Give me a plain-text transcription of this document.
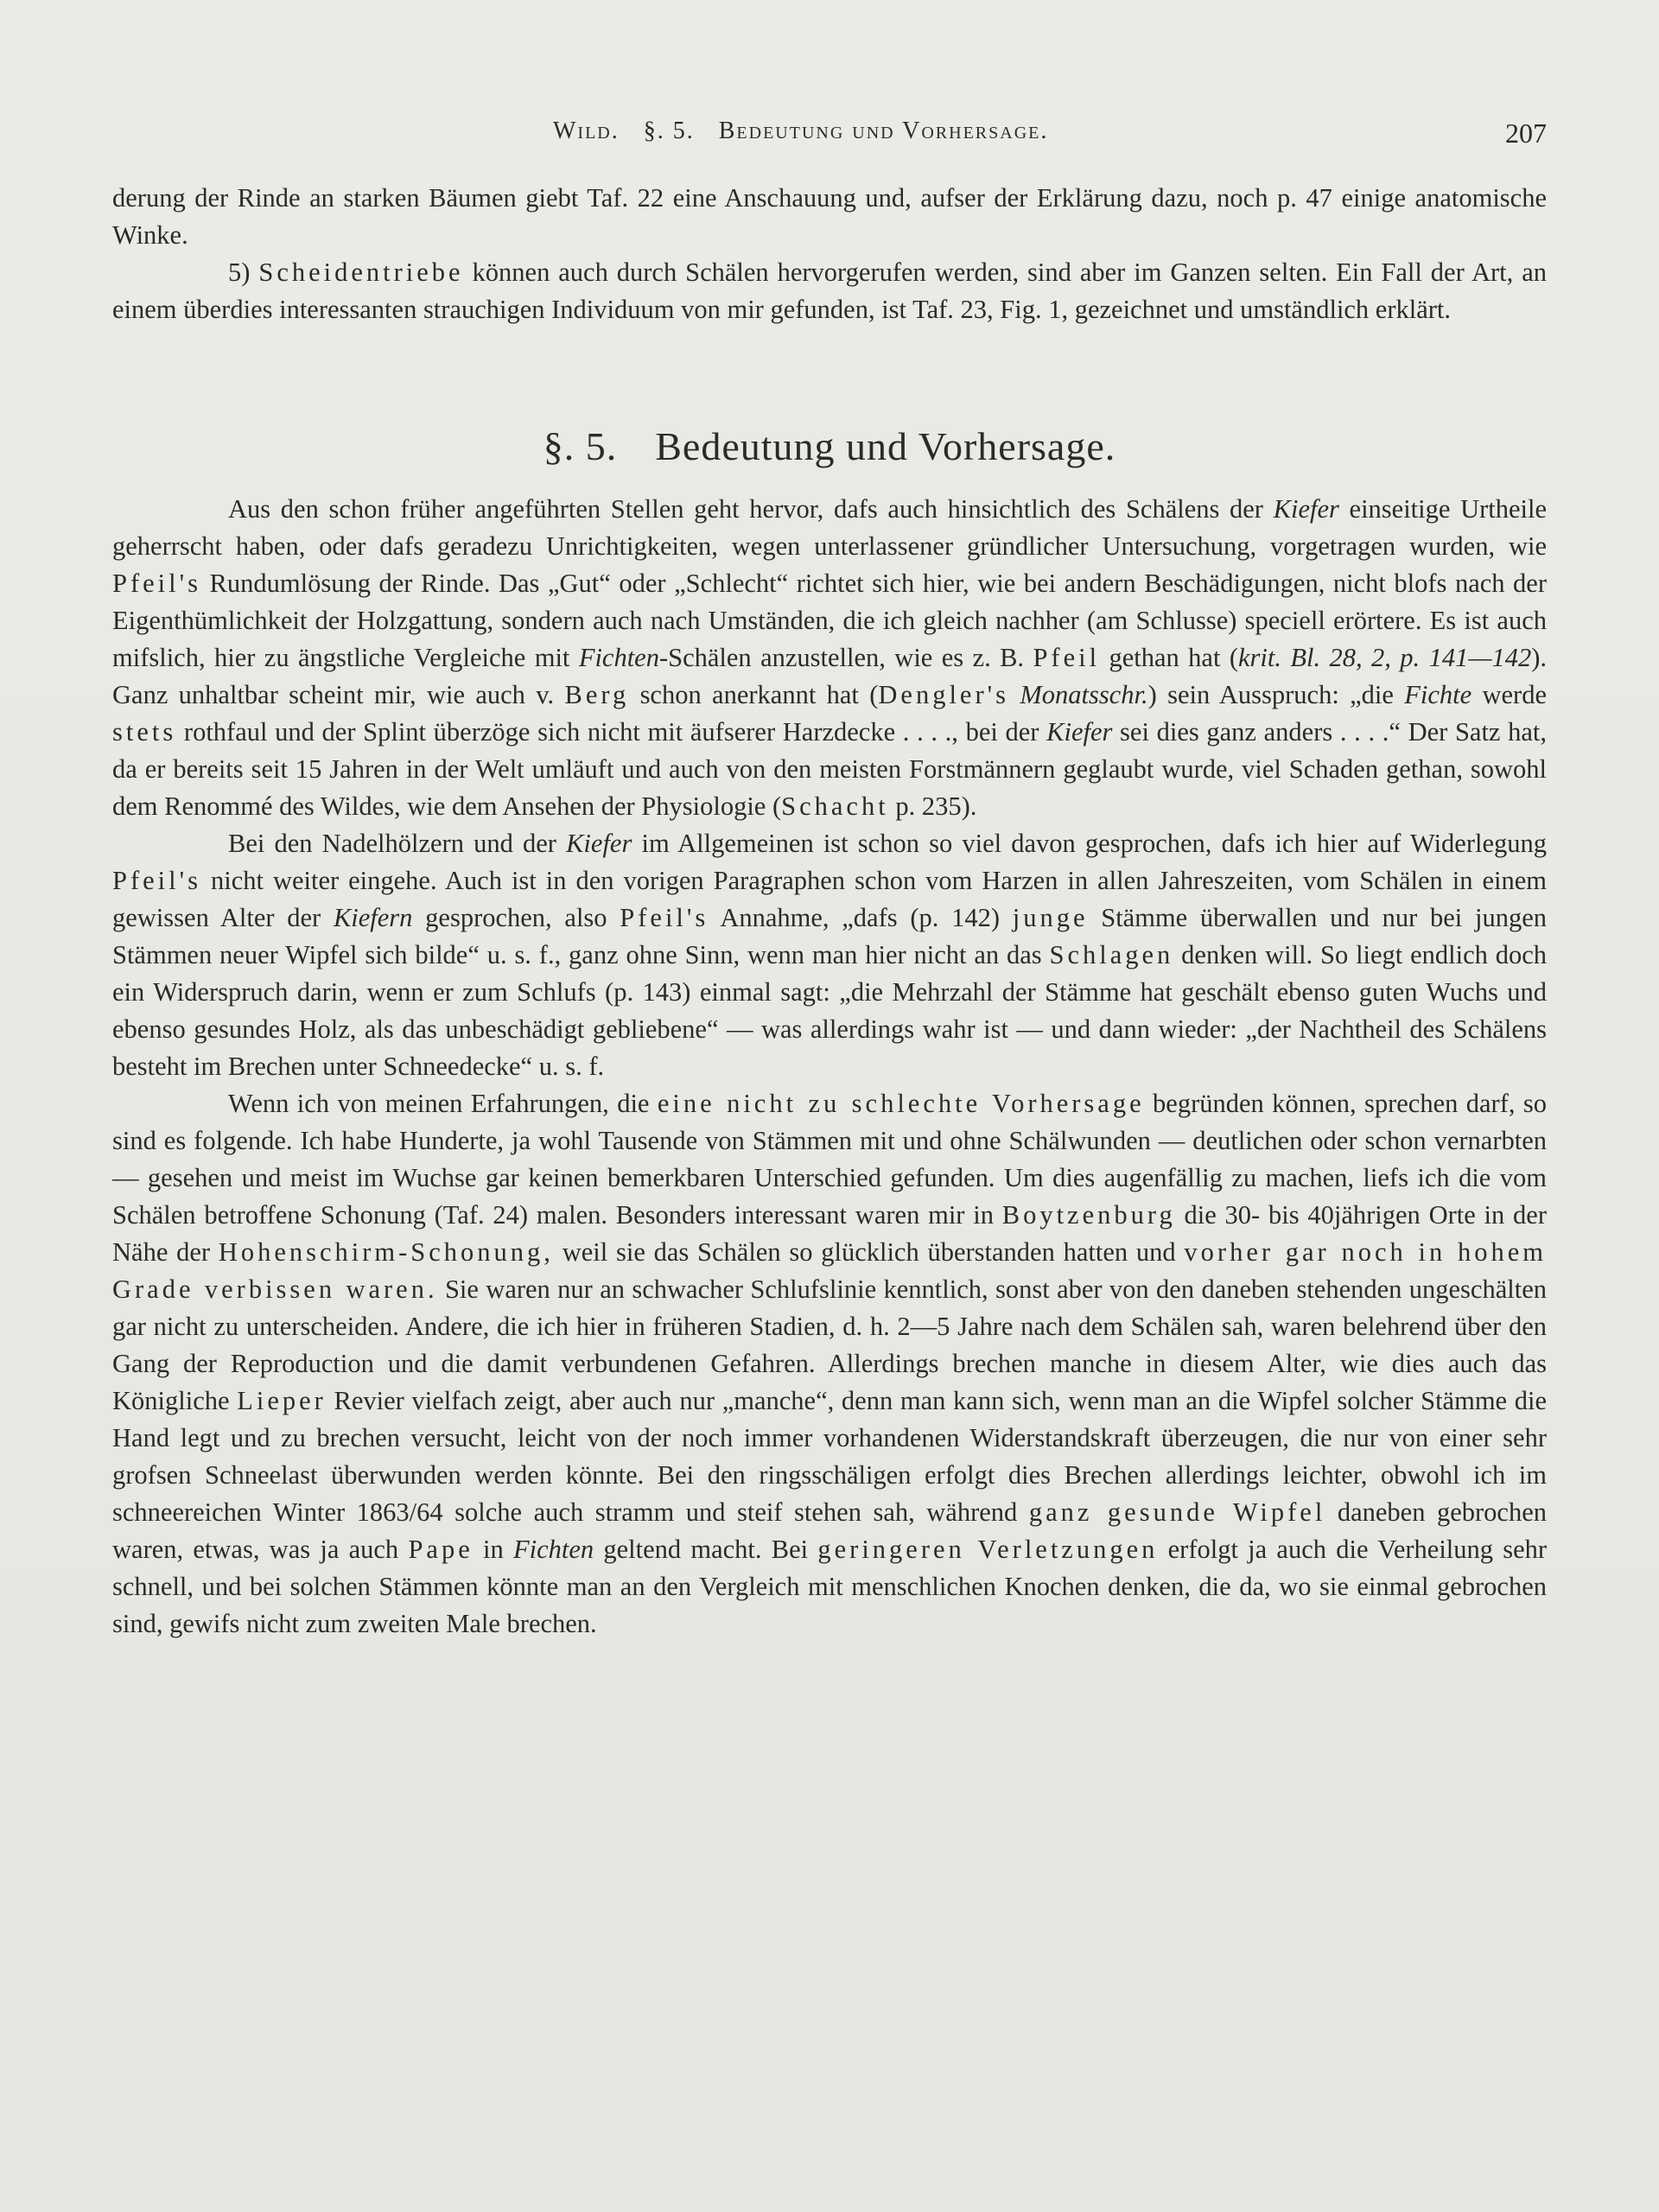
Wild. §. 5. Bedeutung und Vorhersage.	207

derung der Rinde an starken Bäumen giebt Taf. 22 eine Anschauung und, aufser der Erklärung dazu, noch p. 47 einige anatomische Winke.

5) Scheidentriebe können auch durch Schälen hervorgerufen werden, sind aber im Ganzen selten. Ein Fall der Art, an einem überdies interessanten strauchigen Individuum von mir gefunden, ist Taf. 23, Fig. 1, gezeichnet und umständlich erklärt.

§. 5. Bedeutung und Vorhersage.

Aus den schon früher angeführten Stellen geht hervor, dafs auch hinsichtlich des Schälens der Kiefer einseitige Urtheile geherrscht haben, oder dafs geradezu Unrichtigkeiten, wegen unterlassener gründlicher Untersuchung, vorgetragen wurden, wie Pfeil's Rundumlösung der Rinde. Das „Gut“ oder „Schlecht“ richtet sich hier, wie bei andern Beschädigungen, nicht blofs nach der Eigenthümlichkeit der Holzgattung, sondern auch nach Umständen, die ich gleich nachher (am Schlusse) speciell erörtere. Es ist auch mifslich, hier zu ängstliche Vergleiche mit Fichten-Schälen anzustellen, wie es z. B. Pfeil gethan hat (krit. Bl. 28, 2, p. 141—142). Ganz unhaltbar scheint mir, wie auch v. Berg schon anerkannt hat (Dengler's Monatsschr.) sein Ausspruch: „die Fichte werde stets rothfaul und der Splint überzöge sich nicht mit äufserer Harzdecke . . . ., bei der Kiefer sei dies ganz anders . . . .“ Der Satz hat, da er bereits seit 15 Jahren in der Welt umläuft und auch von den meisten Forstmännern geglaubt wurde, viel Schaden gethan, sowohl dem Renommé des Wildes, wie dem Ansehen der Physiologie (Schacht p. 235).

Bei den Nadelhölzern und der Kiefer im Allgemeinen ist schon so viel davon gesprochen, dafs ich hier auf Widerlegung Pfeil's nicht weiter eingehe. Auch ist in den vorigen Paragraphen schon vom Harzen in allen Jahreszeiten, vom Schälen in einem gewissen Alter der Kiefern gesprochen, also Pfeil's Annahme, „dafs (p. 142) junge Stämme überwallen und nur bei jungen Stämmen neuer Wipfel sich bilde“ u. s. f., ganz ohne Sinn, wenn man hier nicht an das Schlagen denken will. So liegt endlich doch ein Widerspruch darin, wenn er zum Schlufs (p. 143) einmal sagt: „die Mehrzahl der Stämme hat geschält ebenso guten Wuchs und ebenso gesundes Holz, als das unbeschädigt gebliebene“ — was allerdings wahr ist — und dann wieder: „der Nachtheil des Schälens besteht im Brechen unter Schneedecke“ u. s. f.

Wenn ich von meinen Erfahrungen, die eine nicht zu schlechte Vorhersage begründen können, sprechen darf, so sind es folgende. Ich habe Hunderte, ja wohl Tausende von Stämmen mit und ohne Schälwunden — deutlichen oder schon vernarbten — gesehen und meist im Wuchse gar keinen bemerkbaren Unterschied gefunden. Um dies augenfällig zu machen, liefs ich die vom Schälen betroffene Schonung (Taf. 24) malen. Besonders interessant waren mir in Boytzenburg die 30- bis 40jährigen Orte in der Nähe der Hohenschirm-Schonung, weil sie das Schälen so glücklich überstanden hatten und vorher gar noch in hohem Grade verbissen waren. Sie waren nur an schwacher Schlufslinie kenntlich, sonst aber von den daneben stehenden ungeschälten gar nicht zu unterscheiden. Andere, die ich hier in früheren Stadien, d. h. 2—5 Jahre nach dem Schälen sah, waren belehrend über den Gang der Reproduction und die damit verbundenen Gefahren. Allerdings brechen manche in diesem Alter, wie dies auch das Königliche Lieper Revier vielfach zeigt, aber auch nur „manche“, denn man kann sich, wenn man an die Wipfel solcher Stämme die Hand legt und zu brechen versucht, leicht von der noch immer vorhandenen Widerstandskraft überzeugen, die nur von einer sehr grofsen Schneelast überwunden werden könnte. Bei den ringsschäligen erfolgt dies Brechen allerdings leichter, obwohl ich im schneereichen Winter 1863/64 solche auch stramm und steif stehen sah, während ganz gesunde Wipfel daneben gebrochen waren, etwas, was ja auch Pape in Fichten geltend macht. Bei geringeren Verletzungen erfolgt ja auch die Verheilung sehr schnell, und bei solchen Stämmen könnte man an den Vergleich mit menschlichen Knochen denken, die da, wo sie einmal gebrochen sind, gewifs nicht zum zweiten Male brechen.
